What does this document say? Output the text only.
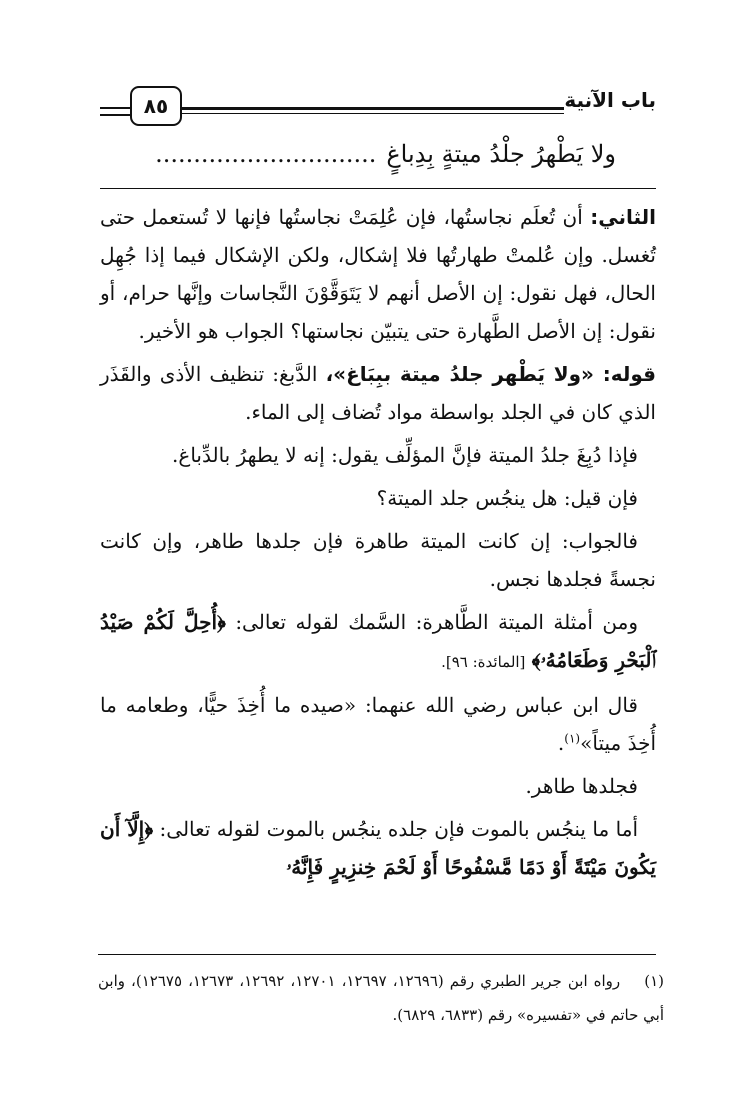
باب الآنية
٨٥
ولا يَطْهرُ جلْدُ ميتةٍ بِدِباغٍ.............................

الثاني: أن تُعلَم نجاستُها، فإن عُلِمَتْ نجاستُها فإنها لا تُستعمل حتى تُغسل. وإن عُلمتْ طهارتُها فلا إشكال، ولكن الإشكال فيما إذا جُهِل الحال، فهل نقول: إن الأصل أنهم لا يَتَوَقَّوْنَ النَّجاسات وإنَّها حرام، أو نقول: إن الأصل الطَّهارة حتى يتبيّن نجاستها؟ الجواب هو الأخير.

قوله: «ولا يَطْهر جلدُ ميتة ببِبَاغ»، الدَّبغ: تنظيف الأذى والقَذَر الذي كان في الجلد بواسطة مواد تُضاف إلى الماء.

فإذا دُبِغَ جلدُ الميتة فإنَّ المؤلِّف يقول: إنه لا يطهرُ بالدِّباغ.

فإن قيل: هل ينجُس جلد الميتة؟

فالجواب: إن كانت الميتة طاهرة فإن جلدها طاهر، وإن كانت نجسةً فجلدها نجس.

ومن أمثلة الميتة الطَّاهرة: السَّمك لقوله تعالى: ﴿أُحِلَّ لَكُمْ صَيْدُ ٱلْبَحْرِ وَطَعَامُهُۥ﴾ [المائدة: ٩٦].

قال ابن عباس رضي الله عنهما: «صيده ما أُخِذَ حيًّا، وطعامه ما أُخِذَ ميتاً»$^{(١)}$.

فجلدها طاهر.

أما ما ينجُس بالموت فإن جلده ينجُس بالموت لقوله تعالى: ﴿إِلَّآ أَن يَكُونَ مَيْتَةً أَوْ دَمًا مَّسْفُوحًا أَوْ لَحْمَ خِنزِيرٍ فَإِنَّهُۥ

(١) رواه ابن جرير الطبري رقم (١٢٦٩٦، ١٢٦٩٧، ١٢٧٠١، ١٢٦٩٢، ١٢٦٧٣، ١٢٦٧٥)، وابن أبي حاتم في «تفسيره» رقم (٦٨٣٣، ٦٨٢٩).
